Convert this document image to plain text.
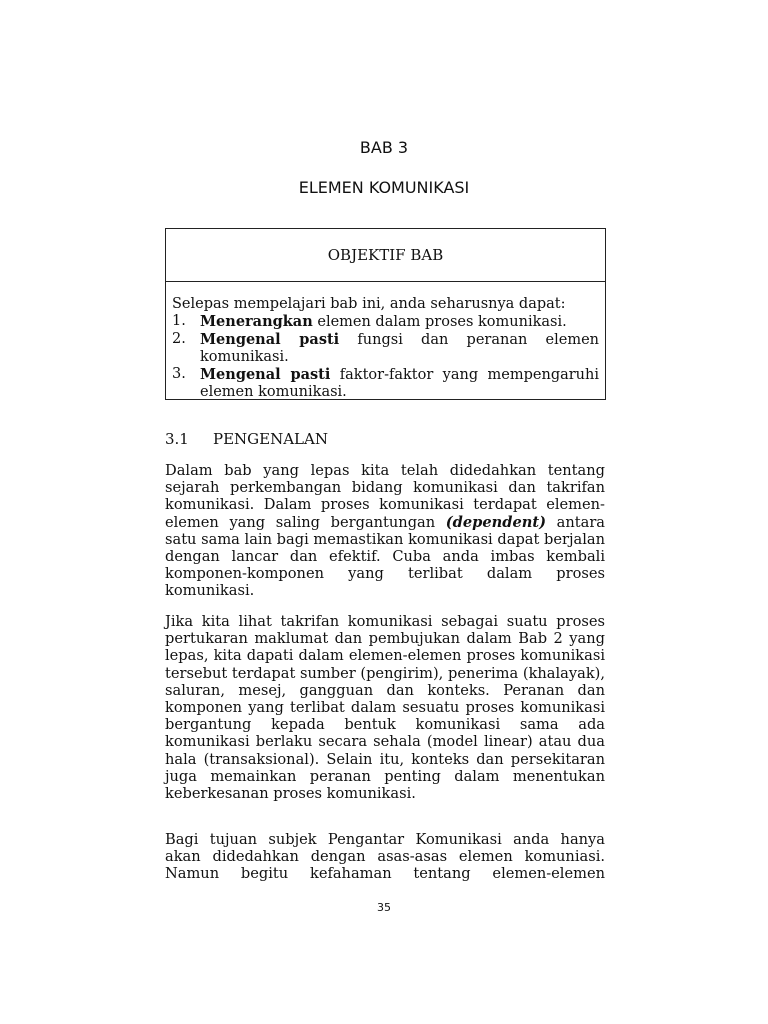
BAB 3
ELEMEN KOMUNIKASI
OBJEKTIF BAB
Selepas mempelajari bab ini, anda seharusnya dapat:
1. Menerangkan elemen dalam proses komunikasi.
2. Mengenal pasti fungsi dan peranan elemen komunikasi.
3. Mengenal pasti faktor-faktor yang mempengaruhi elemen komunikasi.
3.1	PENGENALAN

Dalam bab yang lepas kita telah didedahkan tentang sejarah perkembangan bidang komunikasi dan takrifan komunikasi. Dalam proses komunikasi terdapat elemen-elemen yang saling bergantungan (dependent) antara satu sama lain bagi memastikan komunikasi dapat berjalan dengan lancar dan efektif. Cuba anda imbas kembali komponen-komponen yang terlibat dalam proses komunikasi.

Jika kita lihat takrifan komunikasi sebagai suatu proses pertukaran maklumat dan pembujukan dalam Bab 2 yang lepas, kita dapati dalam elemen-elemen proses komunikasi tersebut terdapat sumber (pengirim), penerima (khalayak), saluran, mesej, gangguan dan konteks. Peranan dan komponen yang terlibat dalam sesuatu proses komunikasi bergantung kepada bentuk komunikasi sama ada komunikasi berlaku secara sehala (model linear) atau dua hala (transaksional). Selain itu, konteks dan persekitaran juga memainkan peranan penting dalam menentukan keberkesanan proses komunikasi.

Bagi tujuan subjek Pengantar Komunikasi anda hanya akan didedahkan dengan asas-asas elemen komuniasi. Namun begitu kefahaman tentang elemen-elemen

35
